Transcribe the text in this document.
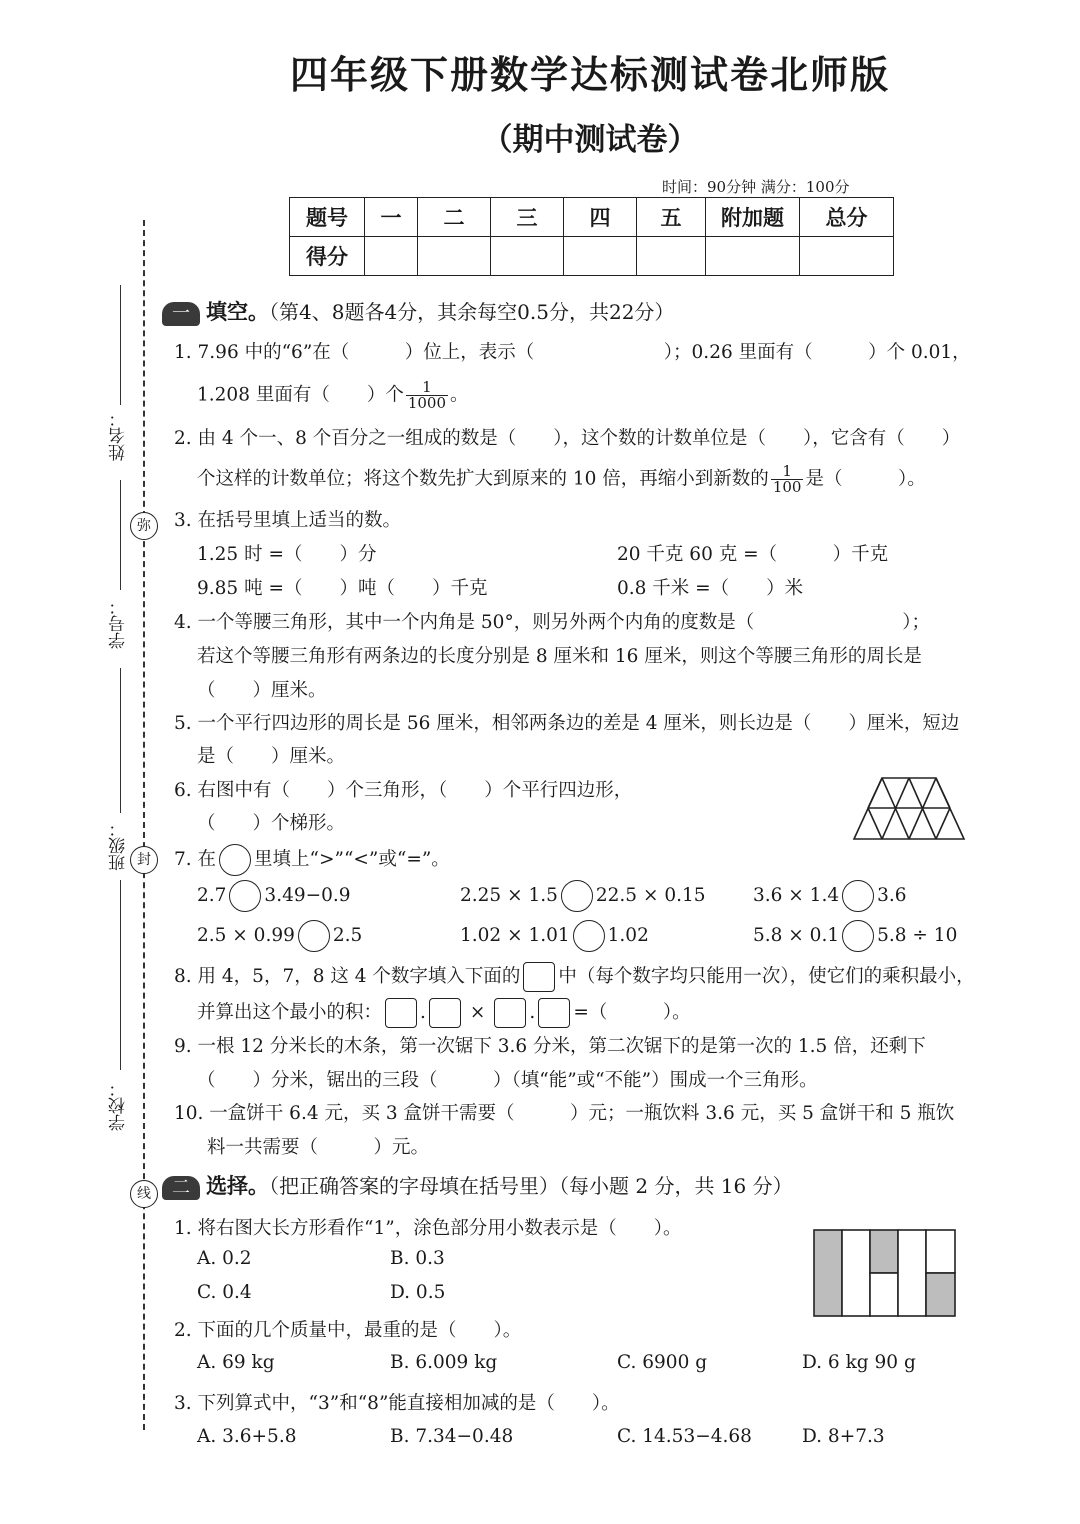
四年级下册数学达标测试卷北师版
（期中测试卷）
时间：90分钟 满分：100分
题号	一	二	三	四	五	附加题	总分
得分							
姓名：
学号：
班级：
学校：
弥
封
线
一 填空。（第4、8题各4分，其余每空0.5分，共22分）
1. 7.96 中的“6”在（　　　）位上，表示（　　　　　　　）；0.26 里面有（　　　）个 0.01，
1.208 里面有（　　）个 $\frac{1}{1000}$ 。
2. 由 4 个一、8 个百分之一组成的数是（　　），这个数的计数单位是（　　），它含有（　　）
个这样的计数单位；将这个数先扩大到原来的 10 倍，再缩小到新数的 $\frac{1}{100}$ 是（　　　）。
3. 在括号里填上适当的数。
1.25 时 =（　　）分	20 千克 60 克 =（　　　）千克
9.85 吨 =（　　）吨（　　）千克	0.8 千米 =（　　）米
4. 一个等腰三角形，其中一个内角是 50°，则另外两个内角的度数是（　　　　　　　　）；
若这个等腰三角形有两条边的长度分别是 8 厘米和 16 厘米，则这个等腰三角形的周长是
（　　）厘米。
5. 一个平行四边形的周长是 56 厘米，相邻两条边的差是 4 厘米，则长边是（　　）厘米，短边
是（　　）厘米。
6. 右图中有（　　）个三角形，（　　）个平行四边形，
（　　）个梯形。
7. 在 里填上“>”“<”或“=”。
2.7 3.49−0.9	2.25 × 1.5 22.5 × 0.15	3.6 × 1.4 3.6
2.5 × 0.99 2.5	1.02 × 1.01 1.02	5.8 × 0.1 5.8 ÷ 10
8. 用 4，5，7，8 这 4 个数字填入下面的 中（每个数字均只能用一次），使它们的乘积最小，
并算出这个最小的积： . × . =（　　　）。
9. 一根 12 分米长的木条，第一次锯下 3.6 分米，第二次锯下的是第一次的 1.5 倍，还剩下
（　　）分米，锯出的三段（　　　）（填“能”或“不能”）围成一个三角形。
10. 一盒饼干 6.4 元，买 3 盒饼干需要（　　　）元；一瓶饮料 3.6 元，买 5 盒饼干和 5 瓶饮
料一共需要（　　　）元。
二 选择。（把正确答案的字母填在括号里）（每小题 2 分，共 16 分）
1. 将右图大长方形看作“1”，涂色部分用小数表示是（　　）。
A. 0.2	B. 0.3
C. 0.4	D. 0.5
2. 下面的几个质量中，最重的是（　　）。
A. 69 kg	B. 6.009 kg	C. 6900 g	D. 6 kg 90 g
3. 下列算式中，“3”和“8”能直接相加减的是（　　）。
A. 3.6+5.8	B. 7.34−0.48	C. 14.53−4.68	D. 8+7.3
